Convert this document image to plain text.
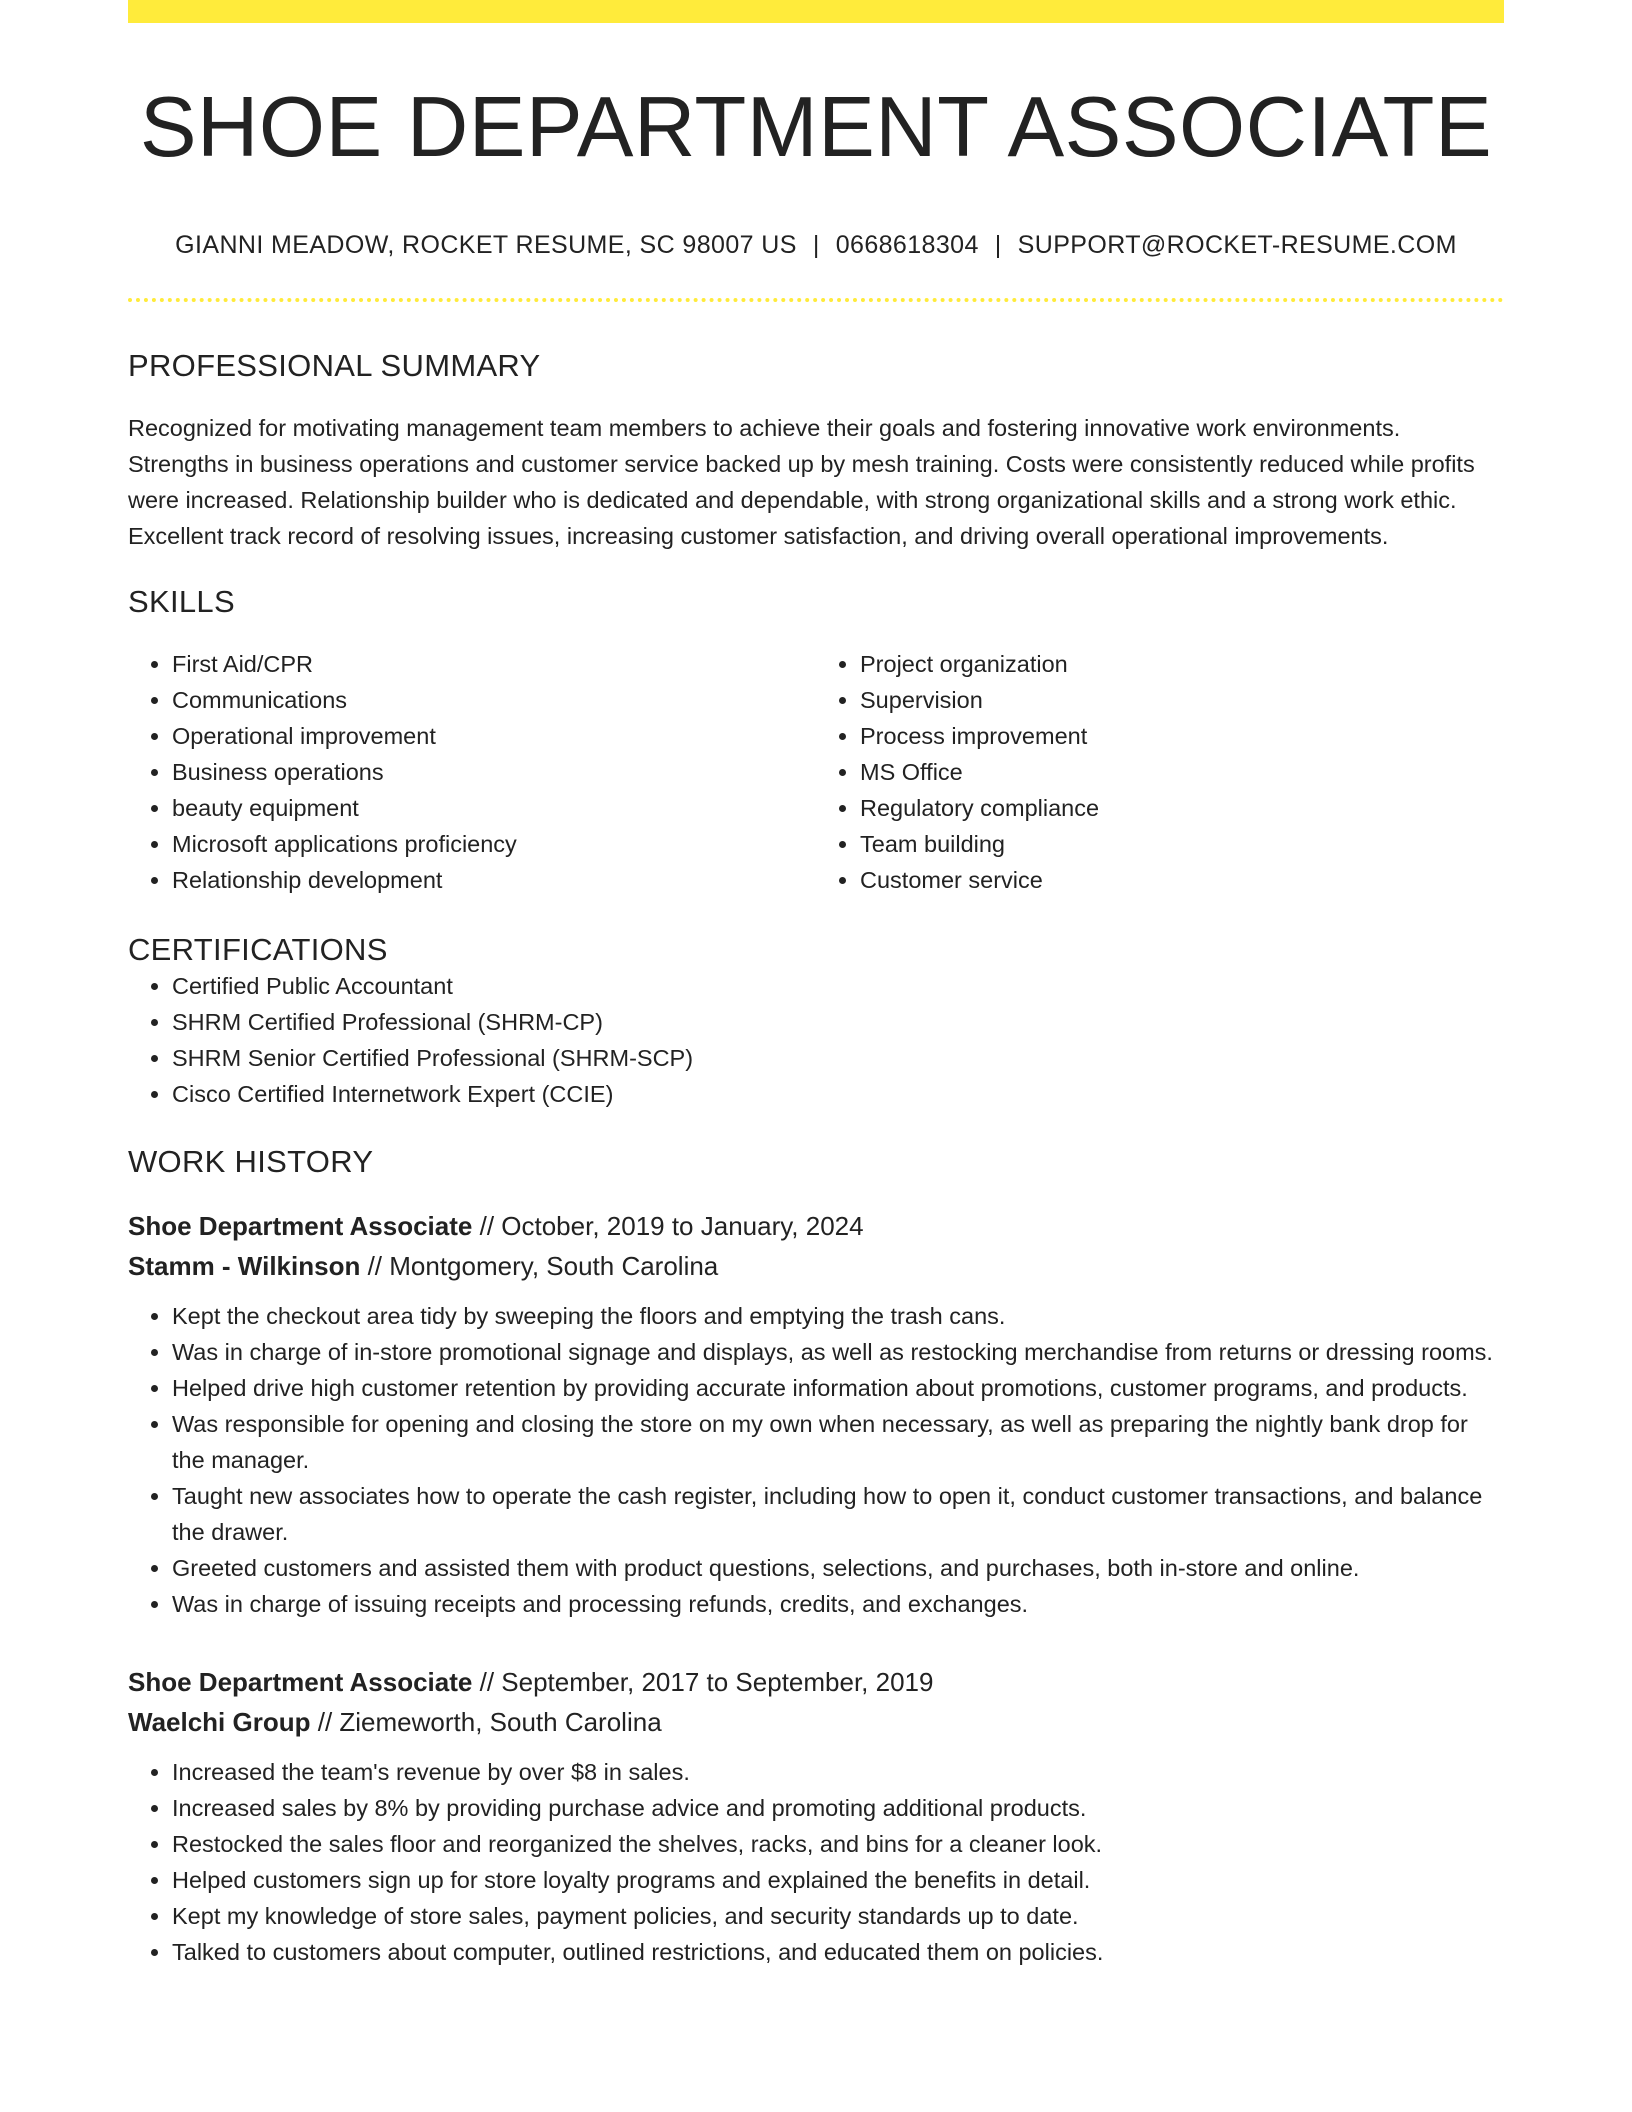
SHOE DEPARTMENT ASSOCIATE
GIANNI MEADOW, ROCKET RESUME, SC 98007 US | 0668618304 | SUPPORT@ROCKET-RESUME.COM
PROFESSIONAL SUMMARY

Recognized for motivating management team members to achieve their goals and fostering innovative work environments. Strengths in business operations and customer service backed up by mesh training. Costs were consistently reduced while profits were increased. Relationship builder who is dedicated and dependable, with strong organizational skills and a strong work ethic. Excellent track record of resolving issues, increasing customer satisfaction, and driving overall operational improvements.

SKILLS
• First Aid/CPR
• Communications
• Operational improvement
• Business operations
• beauty equipment
• Microsoft applications proficiency
• Relationship development
• Project organization
• Supervision
• Process improvement
• MS Office
• Regulatory compliance
• Team building
• Customer service
CERTIFICATIONS
• Certified Public Accountant
• SHRM Certified Professional (SHRM-CP)
• SHRM Senior Certified Professional (SHRM-SCP)
• Cisco Certified Internetwork Expert (CCIE)
WORK HISTORY
Shoe Department Associate // October, 2019 to January, 2024
Stamm - Wilkinson // Montgomery, South Carolina
• Kept the checkout area tidy by sweeping the floors and emptying the trash cans.
• Was in charge of in-store promotional signage and displays, as well as restocking merchandise from returns or dressing rooms.
• Helped drive high customer retention by providing accurate information about promotions, customer programs, and products.
• Was responsible for opening and closing the store on my own when necessary, as well as preparing the nightly bank drop for the manager.
• Taught new associates how to operate the cash register, including how to open it, conduct customer transactions, and balance the drawer.
• Greeted customers and assisted them with product questions, selections, and purchases, both in-store and online.
• Was in charge of issuing receipts and processing refunds, credits, and exchanges.
Shoe Department Associate // September, 2017 to September, 2019
Waelchi Group // Ziemeworth, South Carolina
• Increased the team's revenue by over $8 in sales.
• Increased sales by 8% by providing purchase advice and promoting additional products.
• Restocked the sales floor and reorganized the shelves, racks, and bins for a cleaner look.
• Helped customers sign up for store loyalty programs and explained the benefits in detail.
• Kept my knowledge of store sales, payment policies, and security standards up to date.
• Talked to customers about computer, outlined restrictions, and educated them on policies.
